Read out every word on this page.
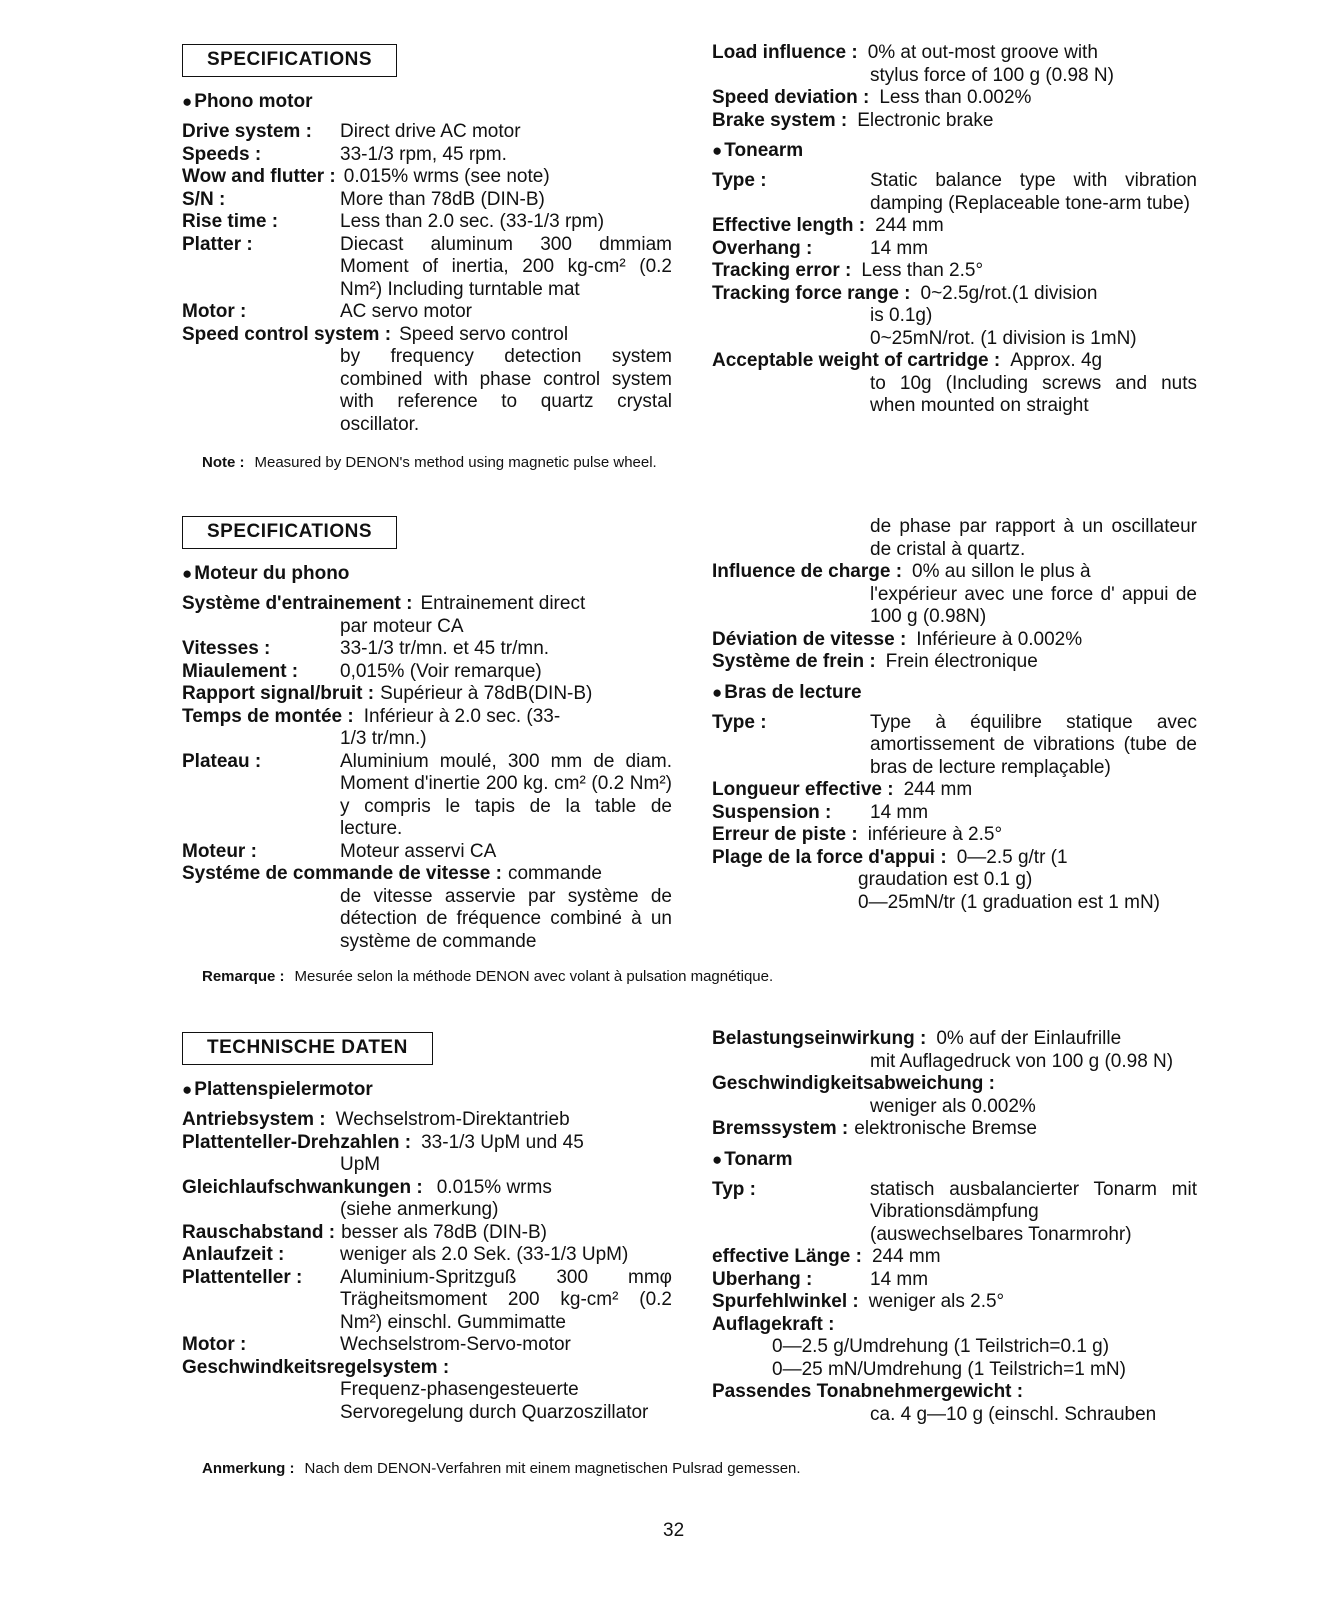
SPECIFICATIONS
● Phono motor
Drive system :	Direct drive AC motor
Speeds :	33-1/3 rpm, 45 rpm.
Wow and flutter : 0.015% wrms (see note)
S/N :	More than 78dB (DIN-B)
Rise time :	Less than 2.0 sec. (33-1/3 rpm)
Platter :	Diecast aluminum 300 dmmiam Moment of inertia, 200 kg-cm² (0.2 Nm²) Including turntable mat
Motor :	AC servo motor
Speed control system : Speed servo control
by frequency detection system combined with phase control system with reference to quartz crystal oscillator.
Load influence : 0% at out-most groove with
stylus force of 100 g (0.98 N)
Speed deviation : Less than 0.002%
Brake system : Electronic brake
● Tonearm
Type :	Static balance type with vibration damping (Replaceable tone-arm tube)
Effective length : 244 mm
Overhang :	14 mm
Tracking error : Less than 2.5°
Tracking force range : 0~2.5g/rot.(1 division
is 0.1g)
0~25mN/rot. (1 division is 1mN)
Acceptable weight of cartridge : Approx. 4g
to 10g (Including screws and nuts when mounted on straight
Note : Measured by DENON's method using magnetic pulse wheel.
SPECIFICATIONS
● Moteur du phono
Système d'entrainement : Entrainement direct
par moteur CA
Vitesses :	33-1/3 tr/mn. et 45 tr/mn.
Miaulement :	0,015% (Voir remarque)
Rapport signal/bruit : Supérieur à 78dB(DIN-B)
Temps de montée : Inférieur à 2.0 sec. (33-
1/3 tr/mn.)
Plateau :	Aluminium moulé, 300 mm de diam. Moment d'inertie 200 kg. cm² (0.2 Nm²) y compris le tapis de la table de lecture.
Moteur :	Moteur asservi CA
Systéme de commande de vitesse : commande
de vitesse asservie par système de détection de fréquence combiné à un système de commande
de phase par rapport à un oscillateur de cristal à quartz.
Influence de charge : 0% au sillon le plus à
l'expérieur avec une force d' appui de 100 g (0.98N)
Déviation de vitesse : Inférieure à 0.002%
Système de frein : Frein électronique
● Bras de lecture
Type :	Type à équilibre statique avec amortissement de vibrations (tube de bras de lecture remplaçable)
Longueur effective : 244 mm
Suspension :	14 mm
Erreur de piste : inférieure à 2.5°
Plage de la force d'appui : 0—2.5 g/tr (1
graudation est 0.1 g)
0—25mN/tr (1 graduation est 1 mN)
Remarque : Mesurée selon la méthode DENON avec volant à pulsation magnétique.
TECHNISCHE DATEN
● Plattenspielermotor
Antriebsystem : Wechselstrom-Direktantrieb
Plattenteller-Drehzahlen : 33-1/3 UpM und 45
UpM
Gleichlaufschwankungen : 0.015% wrms
(siehe anmerkung)
Rauschabstand : besser als 78dB (DIN-B)
Anlaufzeit :	weniger als 2.0 Sek. (33-1/3 UpM)
Plattenteller :	Aluminium-Spritzguß 300 mmφ Trägheitsmoment 200 kg-cm² (0.2 Nm²) einschl. Gummimatte
Motor :	Wechselstrom-Servo-motor
Geschwindkeitsregelsystem :
Frequenz-phasengesteuerte Servoregelung durch Quarzoszillator
Belastungseinwirkung : 0% auf der Einlaufrille
mit Auflagedruck von 100 g (0.98 N)
Geschwindigkeitsabweichung :
weniger als 0.002%
Bremssystem : elektronische Bremse
● Tonarm
Typ :	statisch ausbalancierter Tonarm mit Vibrationsdämpfung (auswechselbares Tonarmrohr)
effective Länge : 244 mm
Uberhang :	14 mm
Spurfehlwinkel : weniger als 2.5°
Auflagekraft :
0—2.5 g/Umdrehung (1 Teilstrich=0.1 g)
0—25 mN/Umdrehung (1 Teilstrich=1 mN)
Passendes Tonabnehmergewicht :
ca. 4 g—10 g (einschl. Schrauben
Anmerkung : Nach dem DENON-Verfahren mit einem magnetischen Pulsrad gemessen.
32
